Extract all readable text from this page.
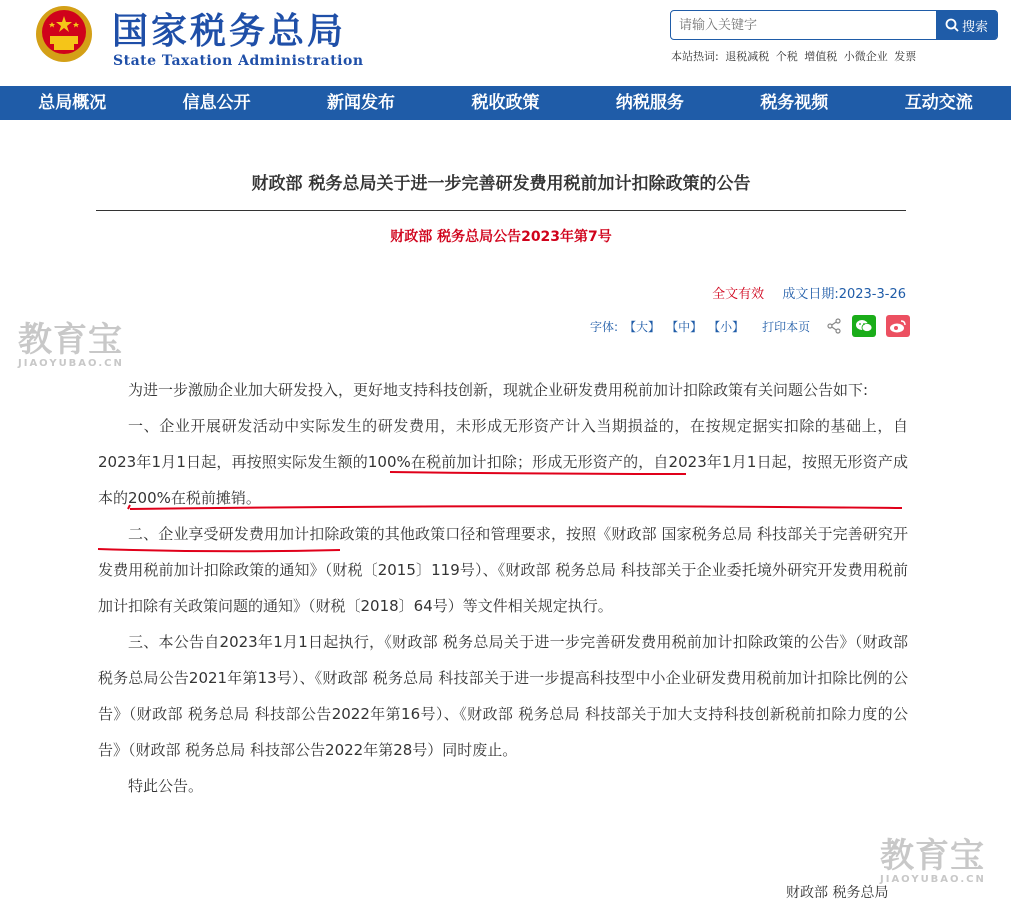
国家税务总局
State Taxation Administration
请输入关键字
搜索
本站热词: 退税减税 个税 增值税 小微企业 发票
总局概况	信息公开	新闻发布	税收政策	纳税服务	税务视频	互动交流
财政部 税务总局关于进一步完善研发费用税前加计扣除政策的公告
财政部 税务总局公告2023年第7号
全文有效 成文日期:2023-3-26
字体: 【大】 【中】 【小】 打印本页
教育宝
JIAOYUBAO.CN

为进一步激励企业加大研发投入，更好地支持科技创新，现就企业研发费用税前加计扣除政策有关问题公告如下:

一、企业开展研发活动中实际发生的研发费用，未形成无形资产计入当期损益的，在按规定据实扣除的基础上，自2023年1月1日起，再按照实际发生额的100%在税前加计扣除；形成无形资产的，自2023年1月1日起，按照无形资产成本的200%在税前摊销。

二、企业享受研发费用加计扣除政策的其他政策口径和管理要求，按照《财政部 国家税务总局 科技部关于完善研究开发费用税前加计扣除政策的通知》（财税〔2015〕119号）、《财政部 税务总局 科技部关于企业委托境外研究开发费用税前加计扣除有关政策问题的通知》（财税〔2018〕64号）等文件相关规定执行。

三、本公告自2023年1月1日起执行，《财政部 税务总局关于进一步完善研发费用税前加计扣除政策的公告》（财政部 税务总局公告2021年第13号）、《财政部 税务总局 科技部关于进一步提高科技型中小企业研发费用税前加计扣除比例的公告》（财政部 税务总局 科技部公告2022年第16号）、《财政部 税务总局 科技部关于加大支持科技创新税前扣除力度的公告》（财政部 税务总局 科技部公告2022年第28号）同时废止。

特此公告。

教育宝
JIAOYUBAO.CN
财政部 税务总局
